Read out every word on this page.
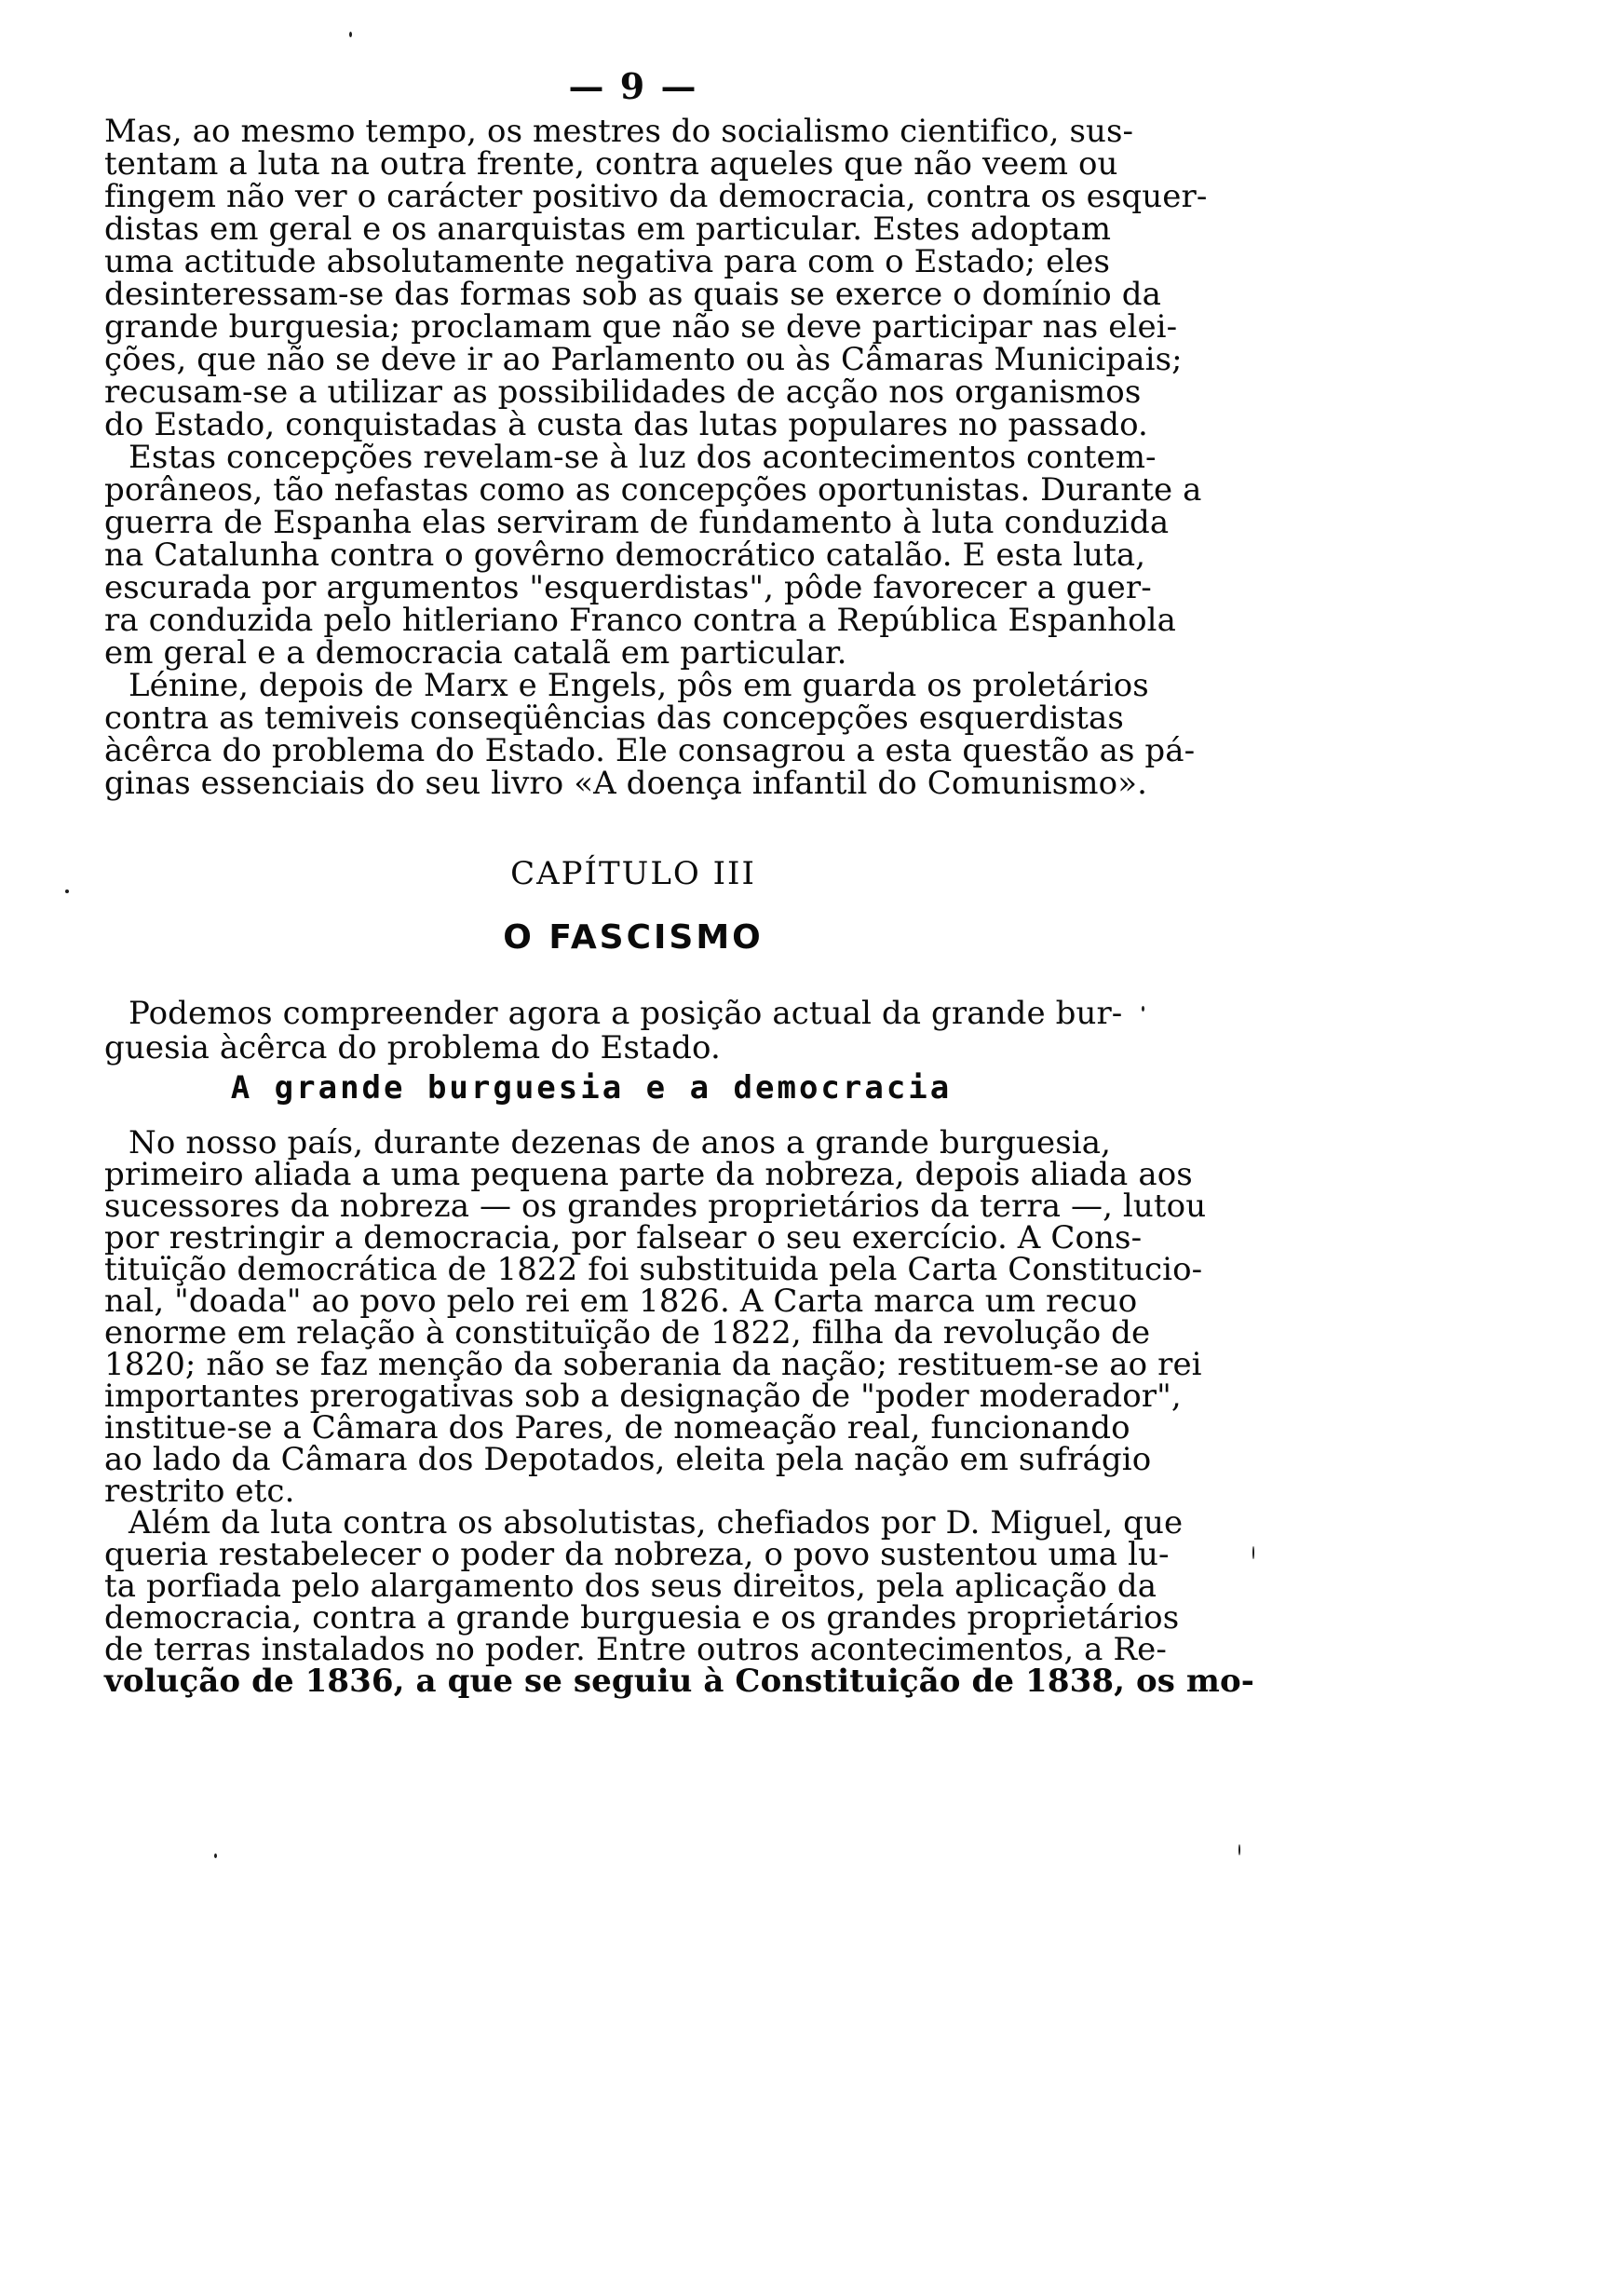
— 9 —
Mas, ao mesmo tempo, os mestres do socialismo cientifico, sus-
tentam a luta na outra frente, contra aqueles que não veem ou
fingem não ver o carácter positivo da democracia, contra os esquer-
distas em geral e os anarquistas em particular. Estes adoptam
uma actitude absolutamente negativa para com o Estado; eles
desinteressam-se das formas sob as quais se exerce o domínio da
grande burguesia; proclamam que não se deve participar nas elei-
ções, que não se deve ir ao Parlamento ou às Câmaras Municipais;
recusam-se a utilizar as possibilidades de acção nos organismos
do Estado, conquistadas à custa das lutas populares no passado.
Estas concepções revelam-se à luz dos acontecimentos contem-
porâneos, tão nefastas como as concepções oportunistas. Durante a
guerra de Espanha elas serviram de fundamento à luta conduzida
na Catalunha contra o govêrno democrático catalão. E esta luta,
escurada por argumentos "esquerdistas", pôde favorecer a guer-
ra conduzida pelo hitleriano Franco contra a República Espanhola
em geral e a democracia catalã em particular.
Lénine, depois de Marx e Engels, pôs em guarda os proletários
contra as temiveis conseqüências das concepções esquerdistas
àcêrca do problema do Estado. Ele consagrou a esta questão as pá-
ginas essenciais do seu livro «A doença infantil do Comunismo».
CAPÍTULO III
O FASCISMO
Podemos compreender agora a posição actual da grande bur-
guesia àcêrca do problema do Estado.
A grande burguesia e a democracia
No nosso país, durante dezenas de anos a grande burguesia,
primeiro aliada a uma pequena parte da nobreza, depois aliada aos
sucessores da nobreza — os grandes proprietários da terra —, lutou
por restringir a democracia, por falsear o seu exercício. A Cons-
tituïção democrática de 1822 foi substituida pela Carta Constitucio-
nal, "doada" ao povo pelo rei em 1826. A Carta marca um recuo
enorme em relação à constituïção de 1822, filha da revolução de
1820; não se faz menção da soberania da nação; restituem-se ao rei
importantes prerogativas sob a designação de "poder moderador",
institue-se a Câmara dos Pares, de nomeação real, funcionando
ao lado da Câmara dos Depotados, eleita pela nação em sufrágio
restrito etc.
Além da luta contra os absolutistas, chefiados por D. Miguel, que
queria restabelecer o poder da nobreza, o povo sustentou uma lu-
ta porfiada pelo alargamento dos seus direitos, pela aplicação da
democracia, contra a grande burguesia e os grandes proprietários
de terras instalados no poder. Entre outros acontecimentos, a Re-
volução de 1836, a que se seguiu à Constituição de 1838, os mo-
